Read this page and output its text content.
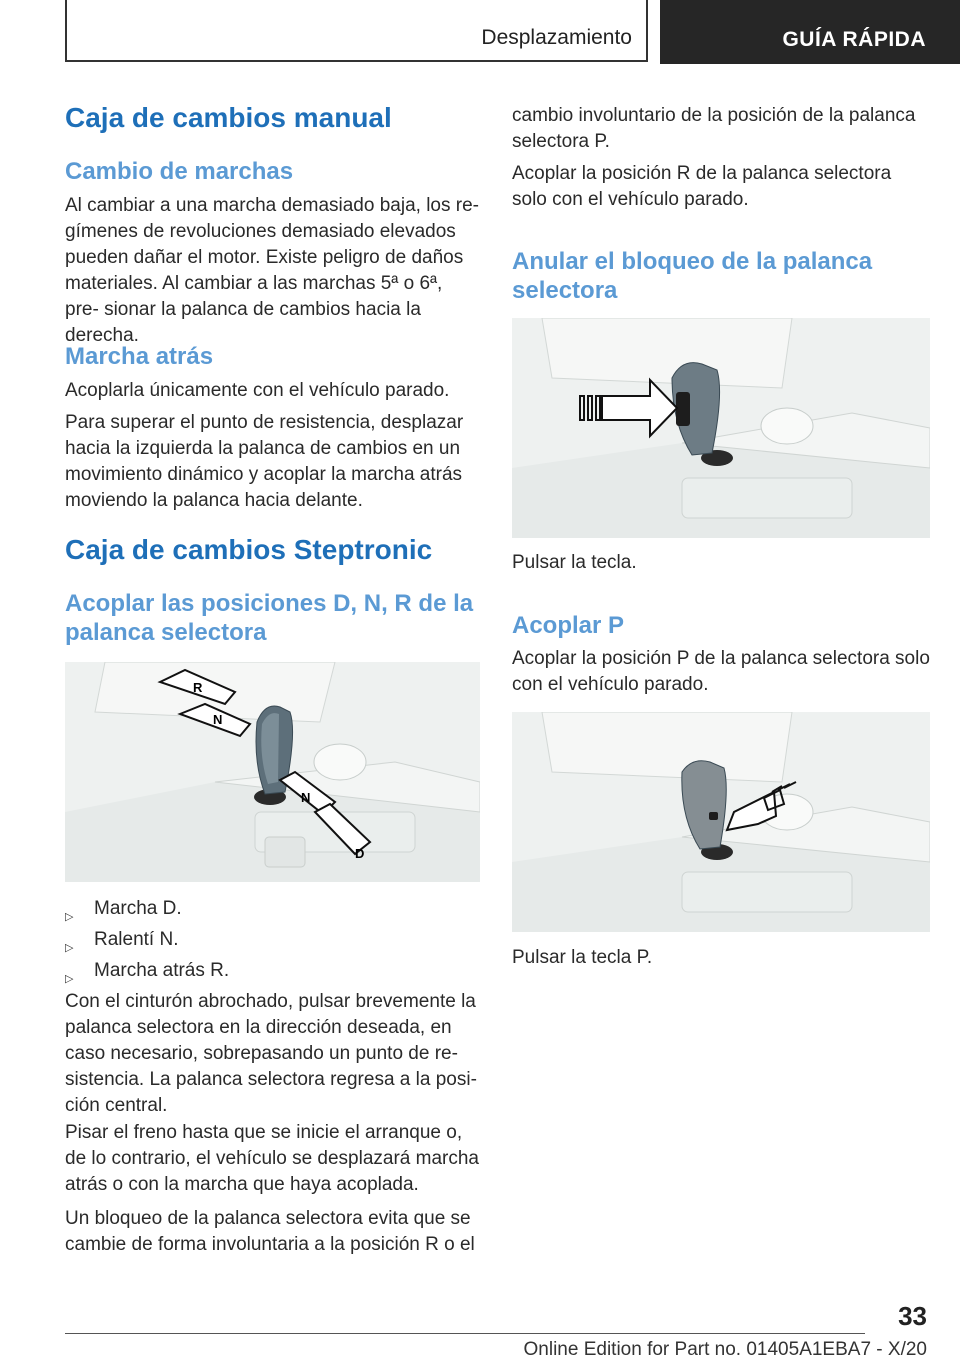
Desplazamiento	GUÍA RÁPIDA
Caja de cambios manual
Cambio de marchas

Al cambiar a una marcha demasiado baja, los re- gímenes de revoluciones demasiado elevados pueden dañar el motor. Existe peligro de daños materiales. Al cambiar a las marchas 5ª o 6ª, pre- sionar la palanca de cambios hacia la derecha.

Marcha atrás

Acoplarla únicamente con el vehículo parado.

Para superar el punto de resistencia, desplazar hacia la izquierda la palanca de cambios en un movimiento dinámico y acoplar la marcha atrás moviendo la palanca hacia delante.

Caja de cambios Steptronic
Acoplar las posiciones D, N, R de la palanca selectora
R
N
N
D
▷ Marcha D.
▷ Ralentí N.
▷ Marcha atrás R.

Con el cinturón abrochado, pulsar brevemente la palanca selectora en la dirección deseada, en caso necesario, sobrepasando un punto de re- sistencia. La palanca selectora regresa a la posi- ción central.

Pisar el freno hasta que se inicie el arranque o, de lo contrario, el vehículo se desplazará marcha atrás o con la marcha que haya acoplada.

Un bloqueo de la palanca selectora evita que se cambie de forma involuntaria a la posición R o el

cambio involuntario de la posición de la palanca selectora P.

Acoplar la posición R de la palanca selectora solo con el vehículo parado.

Anular el bloqueo de la palanca selectora

Pulsar la tecla.

Acoplar P

Acoplar la posición P de la palanca selectora solo con el vehículo parado.

Pulsar la tecla P.

33
Online Edition for Part no. 01405A1EBA7 - X/20
